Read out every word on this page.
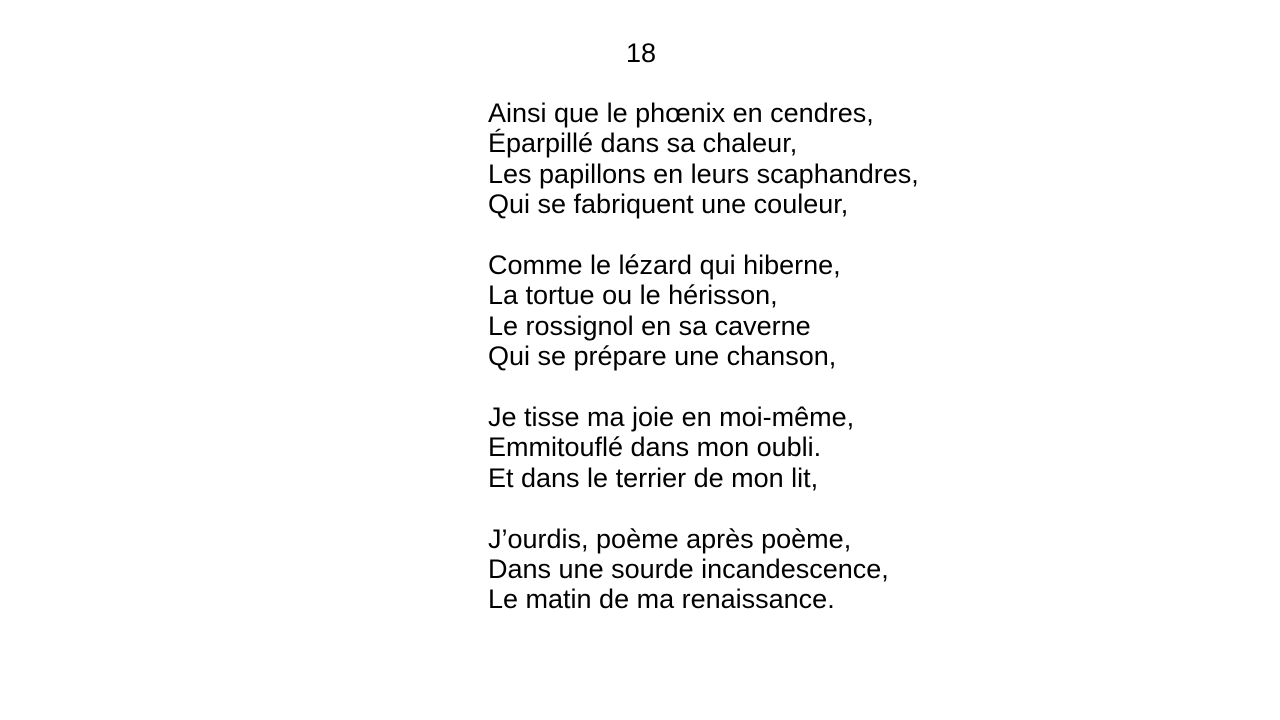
18
Ainsi que le phœnix en cendres,
Éparpillé dans sa chaleur,
Les papillons en leurs scaphandres,
Qui se fabriquent une couleur,
Comme le lézard qui hiberne,
La tortue ou le hérisson,
Le rossignol en sa caverne
Qui se prépare une chanson,
Je tisse ma joie en moi-même,
Emmitouflé dans mon oubli.
Et dans le terrier de mon lit,
J’ourdis, poème après poème,
Dans une sourde incandescence,
Le matin de ma renaissance.
